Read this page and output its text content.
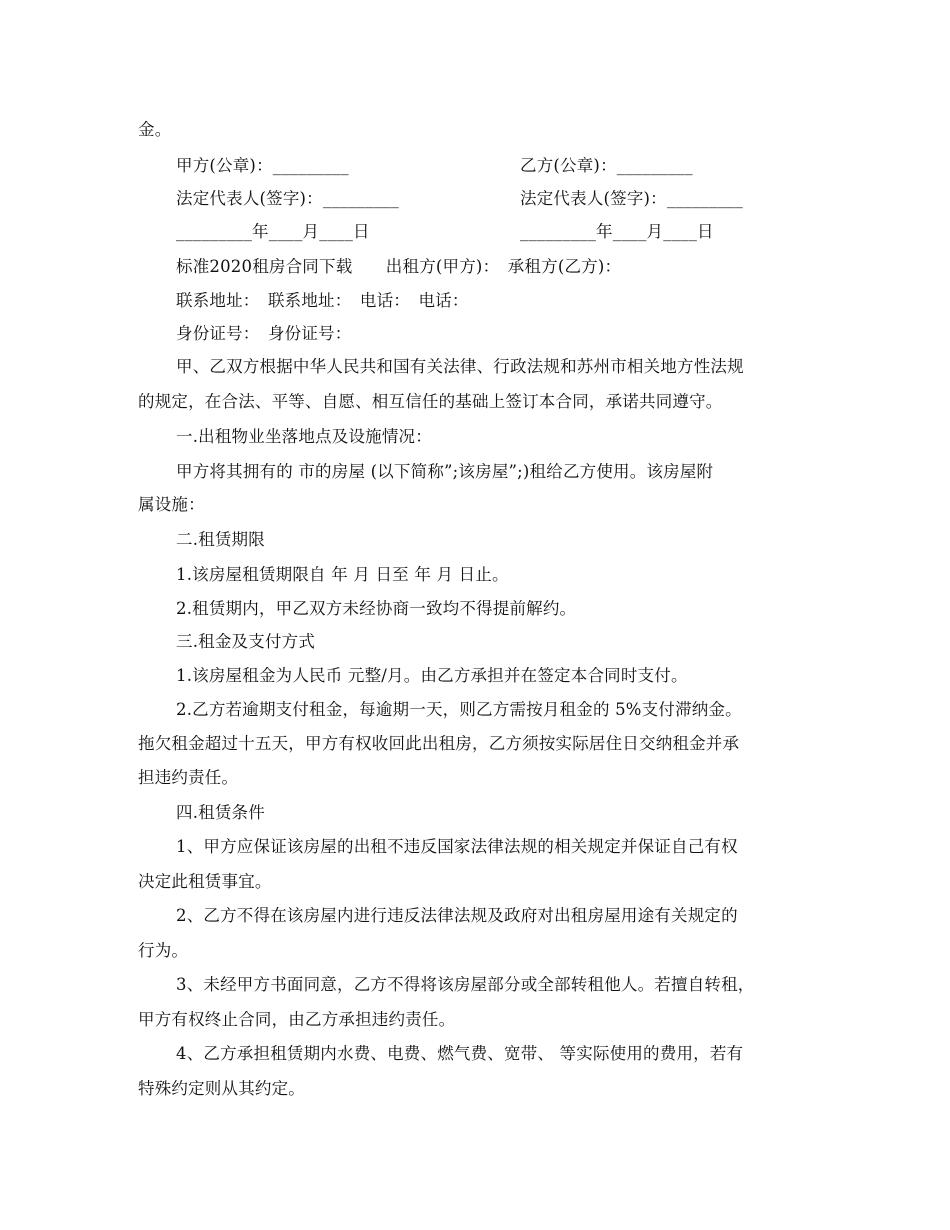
金。
甲方(公章)：_________	乙方(公章)：_________
法定代表人(签字)：_________	法定代表人(签字)：_________
_________年____月____日	_________年____月____日
标准2020租房合同下载　　出租方(甲方)：　承租方(乙方)：
联系地址：　联系地址：　电话：　电话：
身份证号：　身份证号：
甲、乙双方根据中华人民共和国有关法律、行政法规和苏州市相关地方性法规
的规定，在合法、平等、自愿、相互信任的基础上签订本合同，承诺共同遵守。
一.出租物业坐落地点及设施情况：
甲方将其拥有的 市的房屋 (以下简称”;该房屋”;)租给乙方使用。该房屋附
属设施：
二.租赁期限
1.该房屋租赁期限自 年 月 日至 年 月 日止。
2.租赁期内，甲乙双方未经协商一致均不得提前解约。
三.租金及支付方式
1.该房屋租金为人民币 元整/月。由乙方承担并在签定本合同时支付。
2.乙方若逾期支付租金，每逾期一天，则乙方需按月租金的 5%支付滞纳金。
拖欠租金超过十五天，甲方有权收回此出租房，乙方须按实际居住日交纳租金并承
担违约责任。
四.租赁条件
1、甲方应保证该房屋的出租不违反国家法律法规的相关规定并保证自己有权
决定此租赁事宜。
2、乙方不得在该房屋内进行违反法律法规及政府对出租房屋用途有关规定的
行为。
3、未经甲方书面同意，乙方不得将该房屋部分或全部转租他人。若擅自转租，
甲方有权终止合同，由乙方承担违约责任。
4、乙方承担租赁期内水费、电费、燃气费、宽带、 等实际使用的费用，若有
特殊约定则从其约定。
